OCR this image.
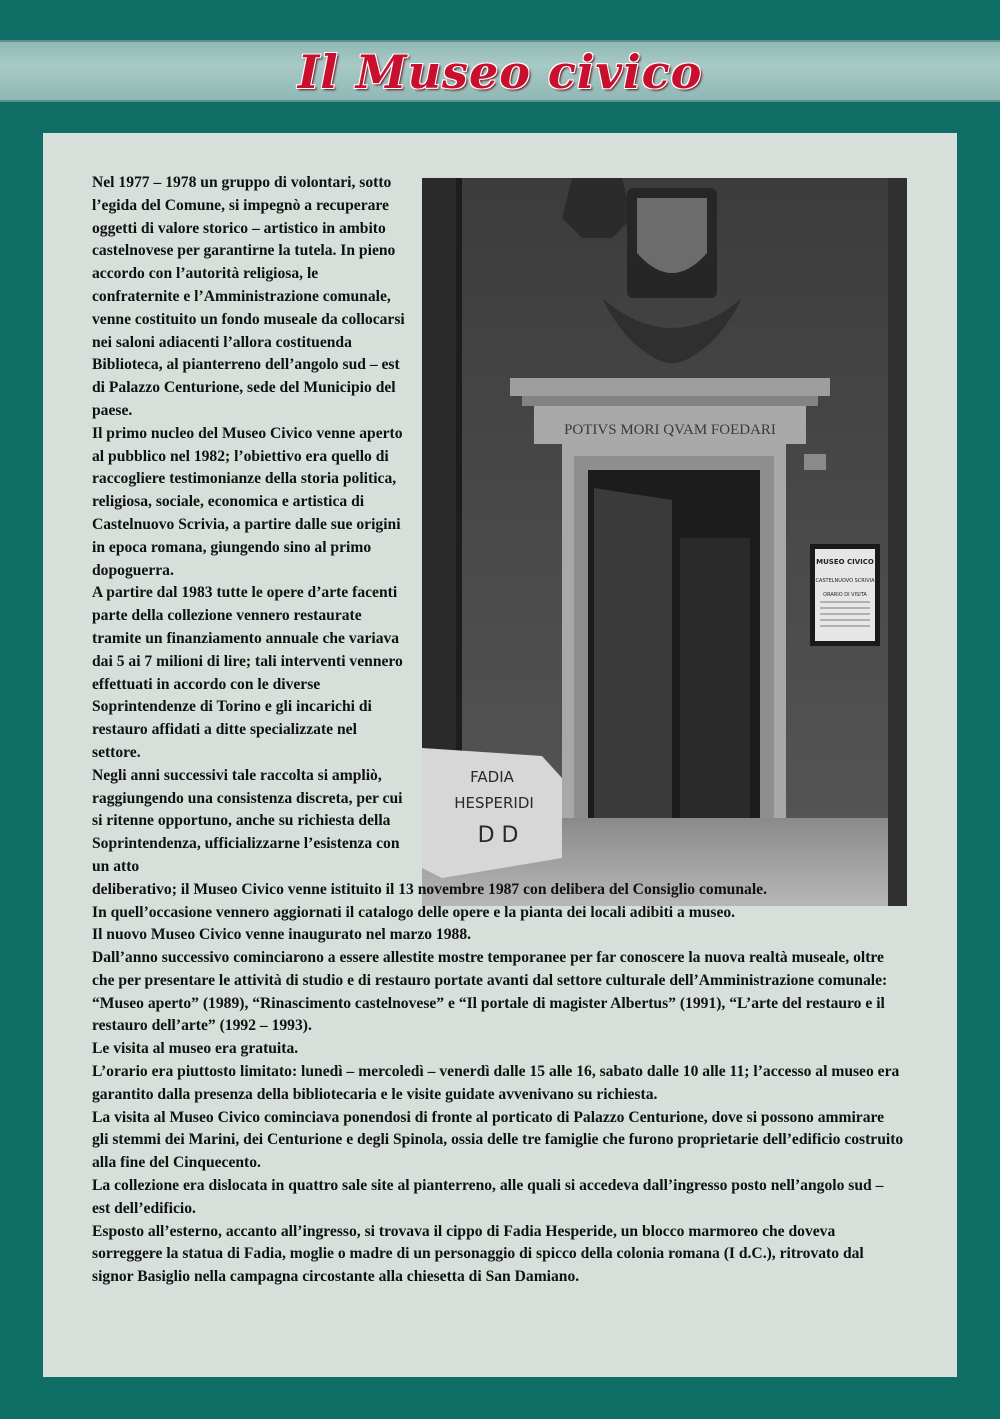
Il Museo civico
POTIVS MORI QVAM FOEDARI
FADIA
HESPERIDI
D D
MUSEO CIVICO
CASTELNUOVO SCRIVIA
ORARIO DI VISITA

Nel 1977 – 1978 un gruppo di volontari, sotto l’egida del Comune, si impegnò a recuperare oggetti di valore storico – artistico in ambito castelnovese per garantirne la tutela. In pieno accordo con l’autorità religiosa, le confraternite e l’Amministrazione comunale, venne costituito un fondo museale da collocarsi nei saloni adiacenti l’allora costituenda Biblioteca, al pianterreno dell’angolo sud – est di Palazzo Centurione, sede del Municipio del paese.

Il primo nucleo del Museo Civico venne aperto al pubblico nel 1982; l’obiettivo era quello di raccogliere testimonianze della storia politica, religiosa, sociale, economica e artistica di Castelnuovo Scrivia, a partire dalle sue origini in epoca romana, giungendo sino al primo dopoguerra.

A partire dal 1983 tutte le opere d’arte facenti parte della collezione vennero restaurate tramite un finanziamento annuale che variava dai 5 ai 7 milioni di lire; tali interventi vennero effettuati in accordo con le diverse Soprintendenze di Torino e gli incarichi di restauro affidati a ditte specializzate nel settore.

Negli anni successivi tale raccolta si ampliò, raggiungendo una consistenza discreta, per cui si ritenne opportuno, anche su richiesta della Soprintendenza, ufficializzarne l’esistenza con un atto

deliberativo; il Museo Civico venne istituito il 13 novembre 1987 con delibera del Consiglio comunale.

In quell’occasione vennero aggiornati il catalogo delle opere e la pianta dei locali adibiti a museo.

Il nuovo Museo Civico venne inaugurato nel marzo 1988.

Dall’anno successivo cominciarono a essere allestite mostre temporanee per far conoscere la nuova realtà museale, oltre che per presentare le attività di studio e di restauro portate avanti dal settore culturale dell’Amministrazione comunale: “Museo aperto” (1989), “Rinascimento castelnovese” e “Il portale di magister Albertus” (1991), “L’arte del restauro e il restauro dell’arte” (1992 – 1993).

Le visita al museo era gratuita.

L’orario era piuttosto limitato: lunedì – mercoledì – venerdì dalle 15 alle 16, sabato dalle 10 alle 11; l’accesso al museo era garantito dalla presenza della bibliotecaria e le visite guidate avvenivano su richiesta.

La visita al Museo Civico cominciava ponendosi di fronte al porticato di Palazzo Centurione, dove si possono ammirare gli stemmi dei Marini, dei Centurione e degli Spinola, ossia delle tre famiglie che furono proprietarie dell’edificio costruito alla fine del Cinquecento.

La collezione era dislocata in quattro sale site al pianterreno, alle quali si accedeva dall’ingresso posto nell’angolo sud – est dell’edificio.

Esposto all’esterno, accanto all’ingresso, si trovava il cippo di Fadia Hesperide, un blocco marmoreo che doveva sorreggere la statua di Fadia, moglie o madre di un personaggio di spicco della colonia romana (I d.C.), ritrovato dal signor Basiglio nella campagna circostante alla chiesetta di San Damiano.
